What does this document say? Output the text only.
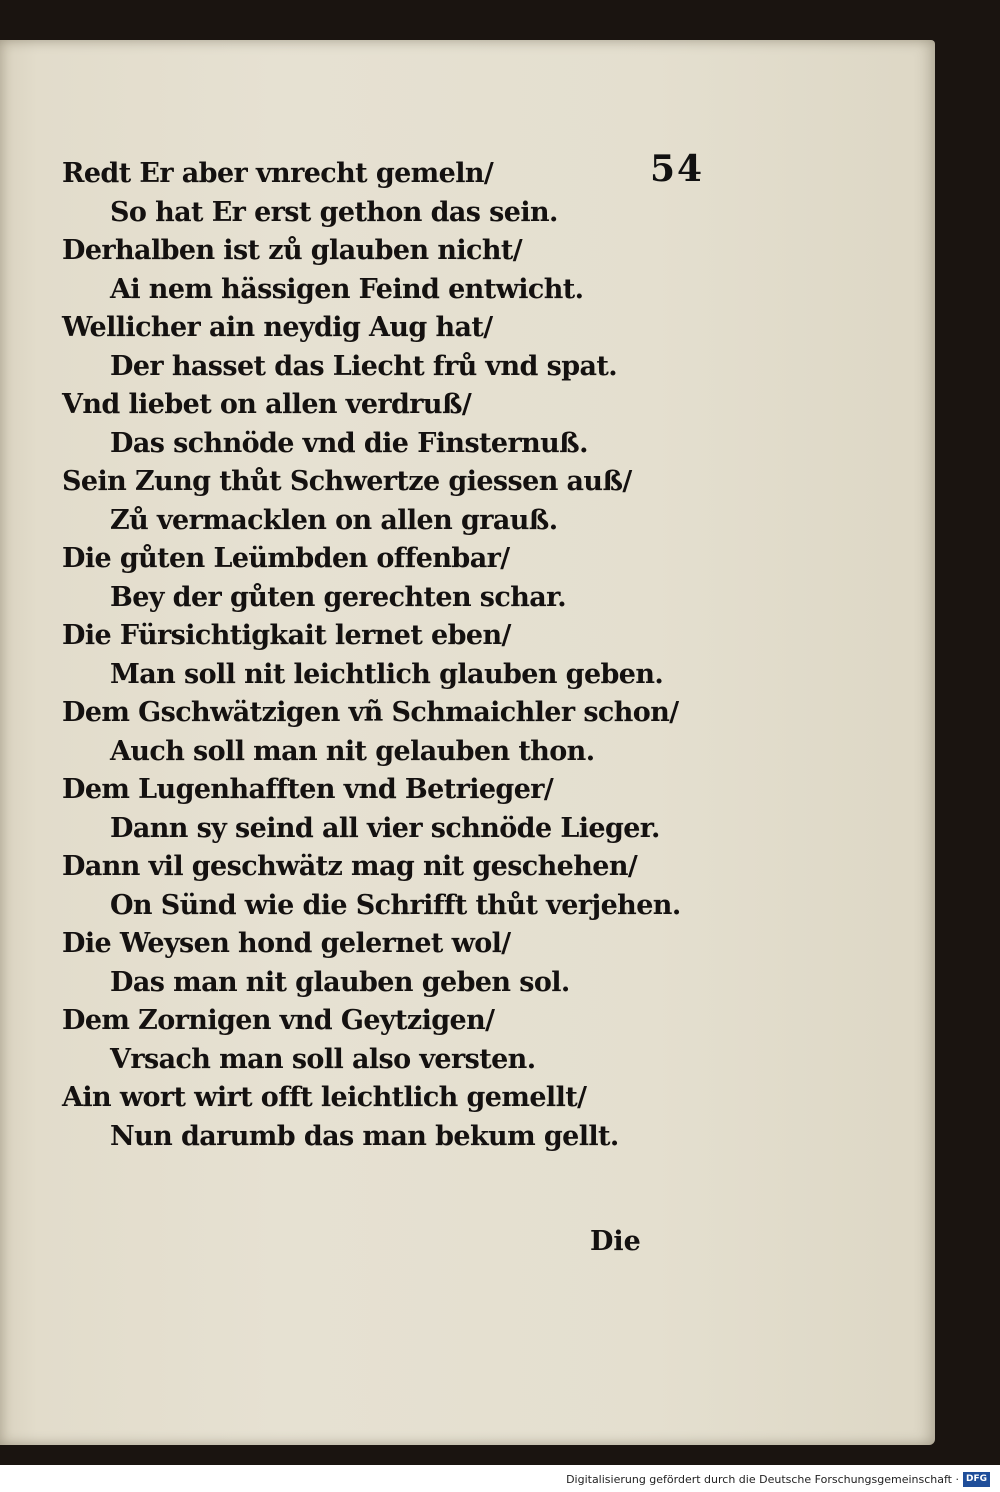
54
Redt Er aber vnrecht gemeln/
So hat Er erst gethon das sein.
Derhalben ist zů glauben nicht/
Ai nem hässigen Feind entwicht.
Wellicher ain neydig Aug hat/
Der hasset das Liecht frů vnd spat.
Vnd liebet on allen verdruß/
Das schnöde vnd die Finsternuß.
Sein Zung thůt Schwertze giessen auß/
Zů vermacklen on allen grauß.
Die gůten Leümbden offenbar/
Bey der gůten gerechten schar.
Die Fürsichtigkait lernet eben/
Man soll nit leichtlich glauben geben.
Dem Gschwätzigen vñ Schmaichler schon/
Auch soll man nit gelauben thon.
Dem Lugenhafften vnd Betrieger/
Dann sy seind all vier schnöde Lieger.
Dann vil geschwätz mag nit geschehen/
On Sünd wie die Schrifft thůt verjehen.
Die Weysen hond gelernet wol/
Das man nit glauben geben sol.
Dem Zornigen vnd Geytzigen/
Vrsach man soll also versten.
Ain wort wirt offt leichtlich gemellt/
Nun darumb das man bekum gellt.
Die
Digitalisierung gefördert durch die Deutsche Forschungsgemeinschaft · DFG
